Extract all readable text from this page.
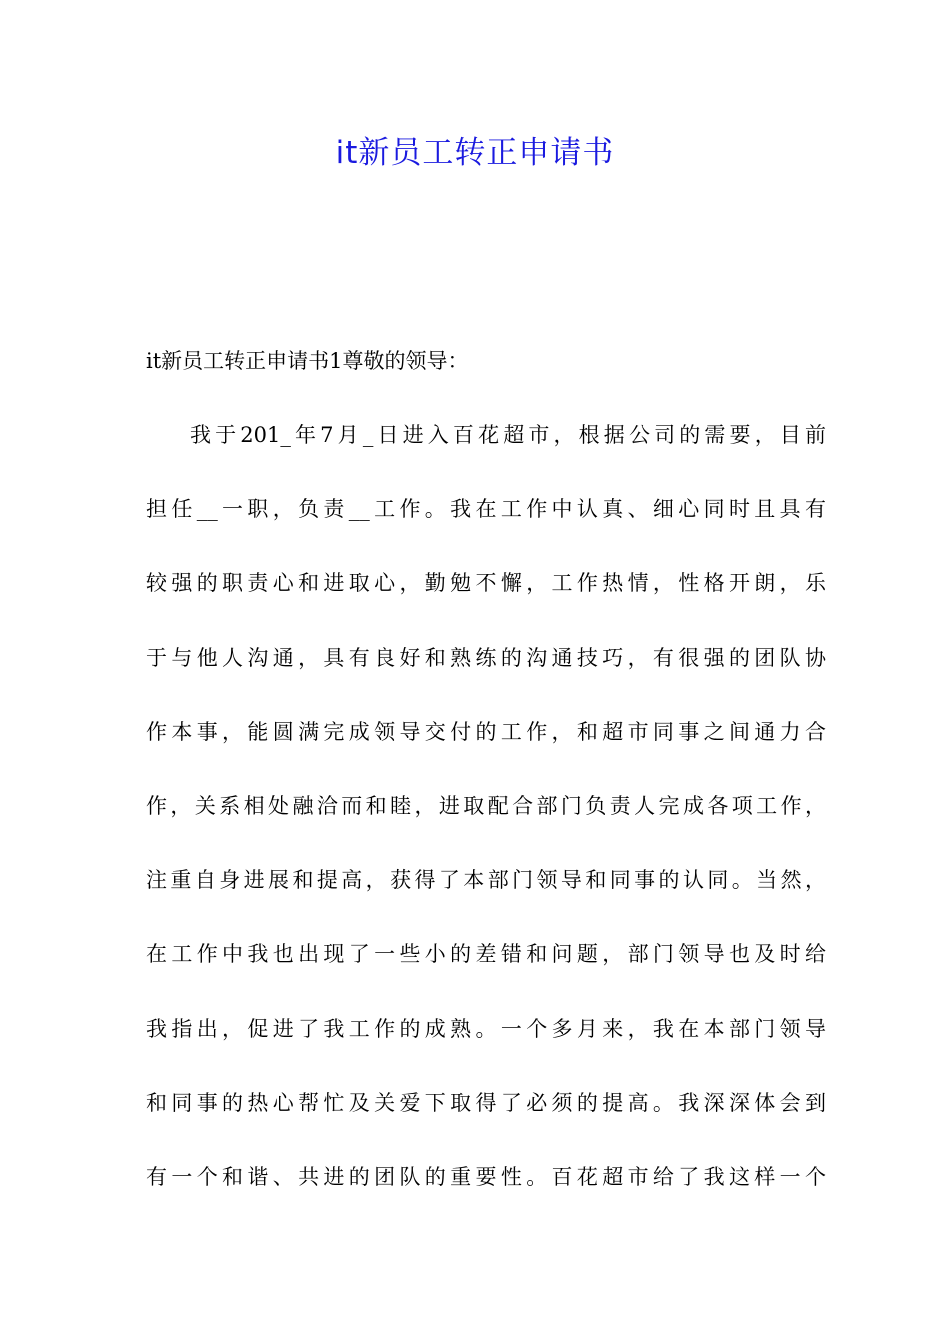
it新员工转正申请书
it新员工转正申请书1尊敬的领导：
我于201_年7月_日进入百花超市，根据公司的需要，目前
担任__一职，负责__工作。我在工作中认真、细心同时且具有
较强的职责心和进取心，勤勉不懈，工作热情，性格开朗，乐
于与他人沟通，具有良好和熟练的沟通技巧，有很强的团队协
作本事，能圆满完成领导交付的工作，和超市同事之间通力合
作，关系相处融洽而和睦，进取配合部门负责人完成各项工作，
注重自身进展和提高，获得了本部门领导和同事的认同。当然，
在工作中我也出现了一些小的差错和问题，部门领导也及时给
我指出，促进了我工作的成熟。一个多月来，我在本部门领导
和同事的热心帮忙及关爱下取得了必须的提高。我深深体会到
有一个和谐、共进的团队的重要性。百花超市给了我这样一个
